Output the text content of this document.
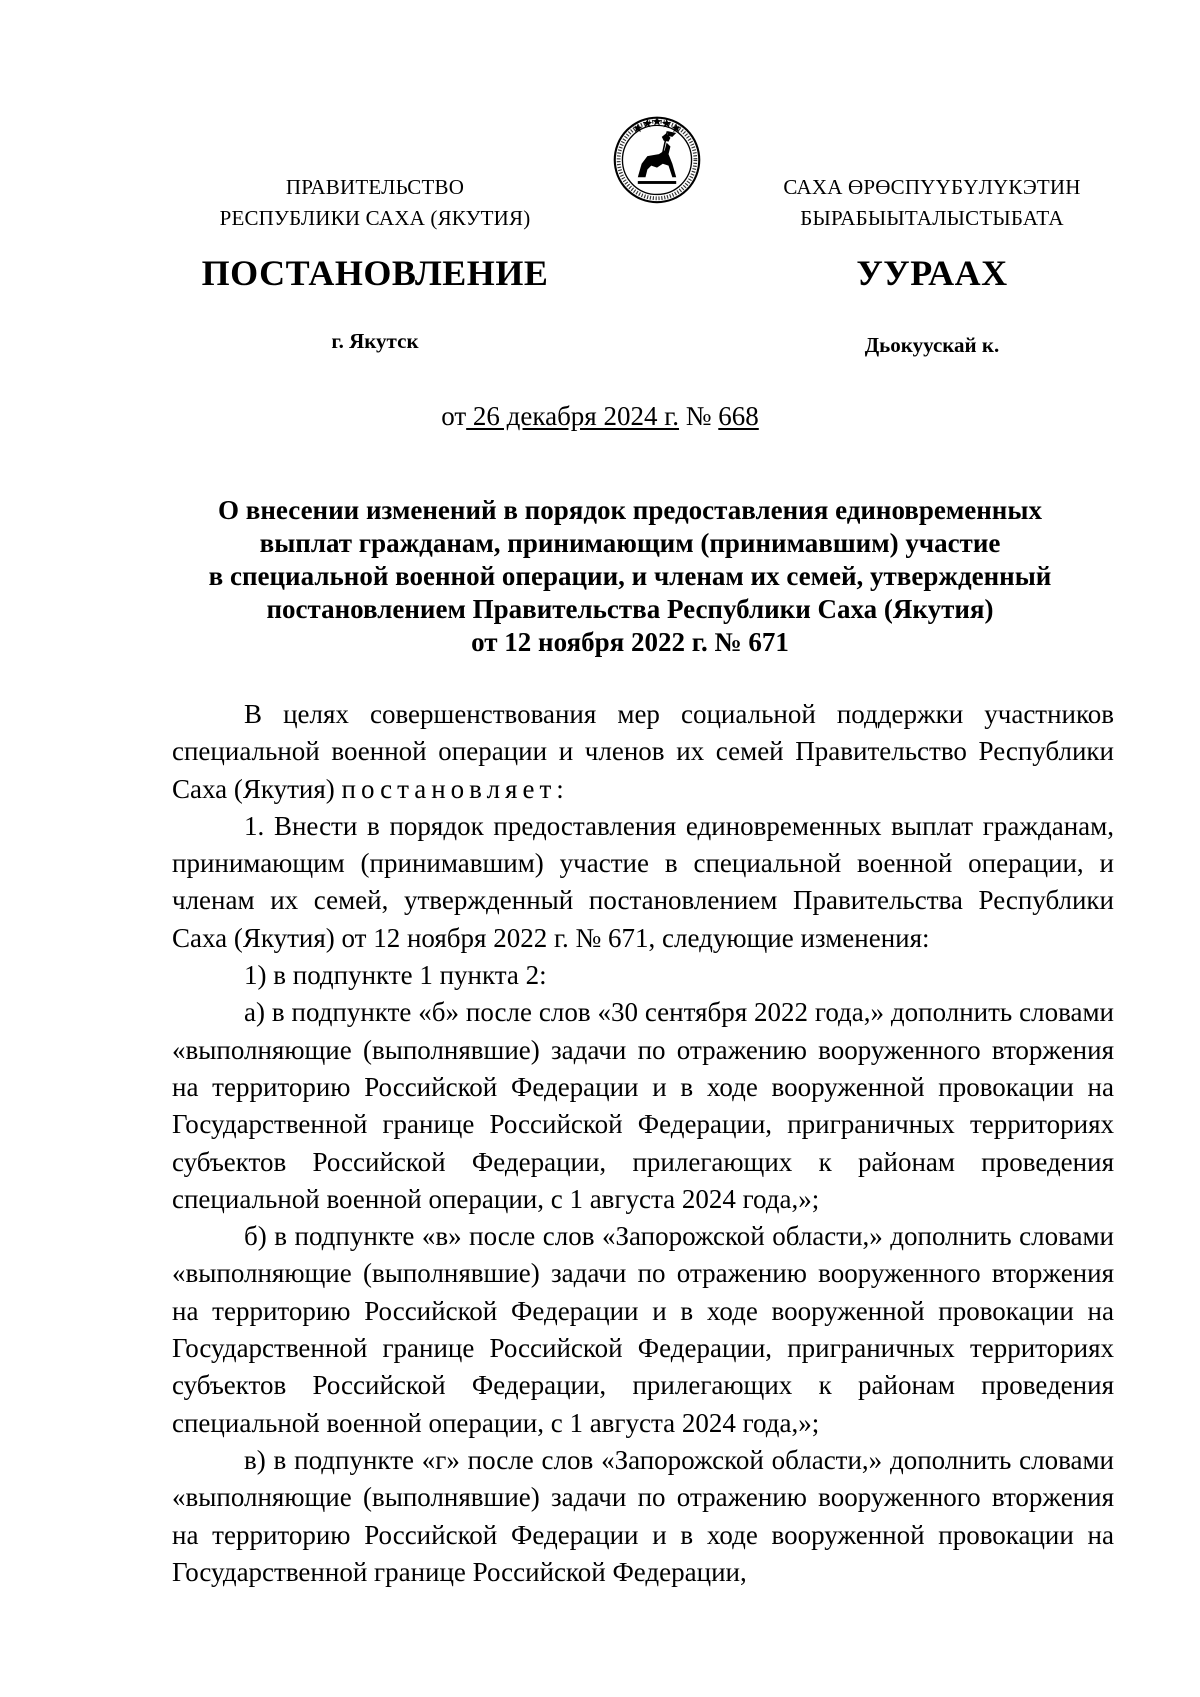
ПРАВИТЕЛЬСТВО
РЕСПУБЛИКИ САХА (ЯКУТИЯ)
САХА ӨРӨСПҮҮБҮЛҮКЭТИН
БЫРАБЫЫТАЛЫСТЫБАТА
ПОСТАНОВЛЕНИЕ	УУРААХ
г. Якутск	Дьокуускай к.
от 26 декабря 2024 г. № 668
О внесении изменений в порядок предоставления единовременных
выплат гражданам, принимающим (принимавшим) участие
в специальной военной операции, и членам их семей, утвержденный
постановлением Правительства Республики Саха (Якутия)
от 12 ноября 2022 г. № 671

В целях совершенствования мер социальной поддержки участников специальной военной операции и членов их семей Правительство Республики Саха (Якутия) постановляет:

1. Внести в порядок предоставления единовременных выплат гражданам, принимающим (принимавшим) участие в специальной военной операции, и членам их семей, утвержденный постановлением Правительства Республики Саха (Якутия) от 12 ноября 2022 г. № 671, следующие изменения:

1) в подпункте 1 пункта 2:

а) в подпункте «б» после слов «30 сентября 2022 года,» дополнить словами «выполняющие (выполнявшие) задачи по отражению вооруженного вторжения на территорию Российской Федерации и в ходе вооруженной провокации на Государственной границе Российской Федерации, приграничных территориях субъектов Российской Федерации, прилегающих к районам проведения специальной военной операции, с 1 августа 2024 года,»;

б) в подпункте «в» после слов «Запорожской области,» дополнить словами «выполняющие (выполнявшие) задачи по отражению вооруженного вторжения на территорию Российской Федерации и в ходе вооруженной провокации на Государственной границе Российской Федерации, приграничных территориях субъектов Российской Федерации, прилегающих к районам проведения специальной военной операции, с 1 августа 2024 года,»;

в) в подпункте «г» после слов «Запорожской области,» дополнить словами «выполняющие (выполнявшие) задачи по отражению вооруженного вторжения на территорию Российской Федерации и в ходе вооруженной провокации на Государственной границе Российской Федерации,
